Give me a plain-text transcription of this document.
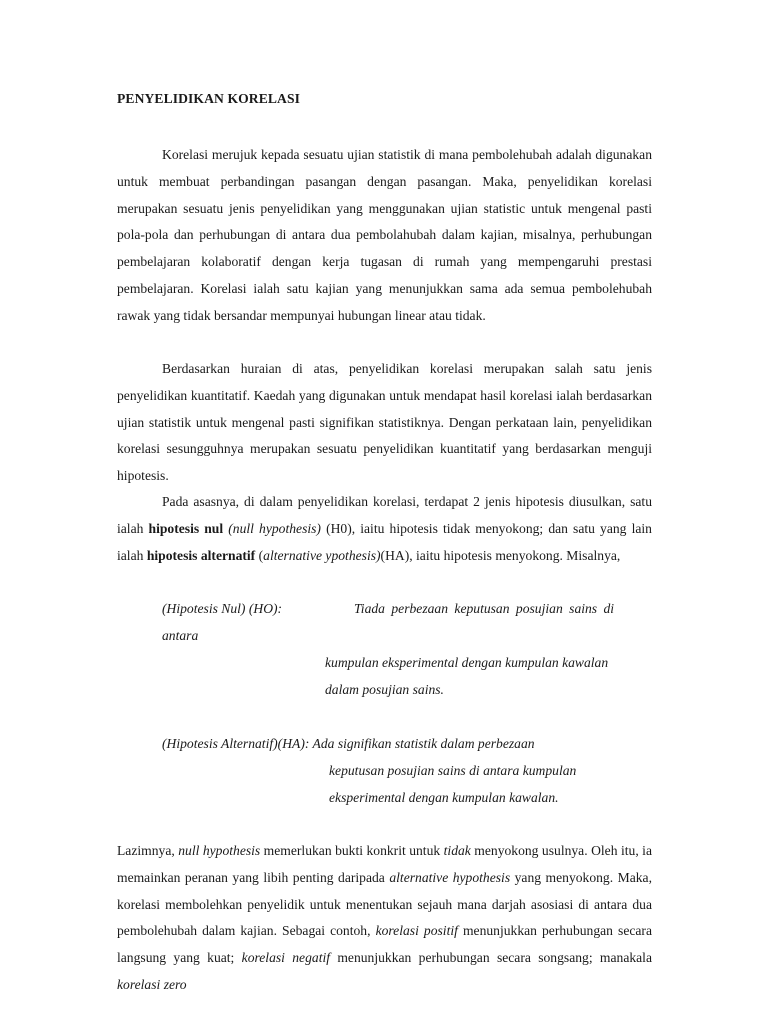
PENYELIDIKAN KORELASI

Korelasi merujuk kepada sesuatu ujian statistik di mana pembolehubah adalah digunakan untuk membuat perbandingan pasangan dengan pasangan. Maka, penyelidikan korelasi merupakan sesuatu jenis penyelidikan yang menggunakan ujian statistic untuk mengenal pasti pola-pola dan perhubungan di antara dua pembolahubah dalam kajian, misalnya, perhubungan pembelajaran kolaboratif dengan kerja tugasan di rumah yang mempengaruhi prestasi pembelajaran. Korelasi ialah satu kajian yang menunjukkan sama ada semua pembolehubah rawak yang tidak bersandar mempunyai hubungan linear atau tidak.

Berdasarkan huraian di atas, penyelidikan korelasi merupakan salah satu jenis penyelidikan kuantitatif. Kaedah yang digunakan untuk mendapat hasil korelasi ialah berdasarkan ujian statistik untuk mengenal pasti signifikan statistiknya. Dengan perkataan lain, penyelidikan korelasi sesungguhnya merupakan sesuatu penyelidikan kuantitatif yang berdasarkan menguji hipotesis.

Pada asasnya, di dalam penyelidikan korelasi, terdapat 2 jenis hipotesis diusulkan, satu ialah hipotesis nul (null hypothesis) (H0), iaitu hipotesis tidak menyokong; dan satu yang lain ialah hipotesis alternatif (alternative ypothesis)(HA), iaitu hipotesis menyokong. Misalnya,

(Hipotesis Nul) (HO):	Tiada perbezaan keputusan posujian sains di
antara
kumpulan eksperimental dengan kumpulan kawalan
dalam posujian sains.
(Hipotesis Alternatif)(HA): Ada signifikan statistik dalam perbezaan
keputusan posujian sains di antara kumpulan
eksperimental dengan kumpulan kawalan.

Lazimnya, null hypothesis memerlukan bukti konkrit untuk tidak menyokong usulnya. Oleh itu, ia memainkan peranan yang libih penting daripada alternative hypothesis yang menyokong. Maka, korelasi membolehkan penyelidik untuk menentukan sejauh mana darjah asosiasi di antara dua pembolehubah dalam kajian. Sebagai contoh, korelasi positif menunjukkan perhubungan secara langsung yang kuat; korelasi negatif menunjukkan perhubungan secara songsang; manakala korelasi zero
